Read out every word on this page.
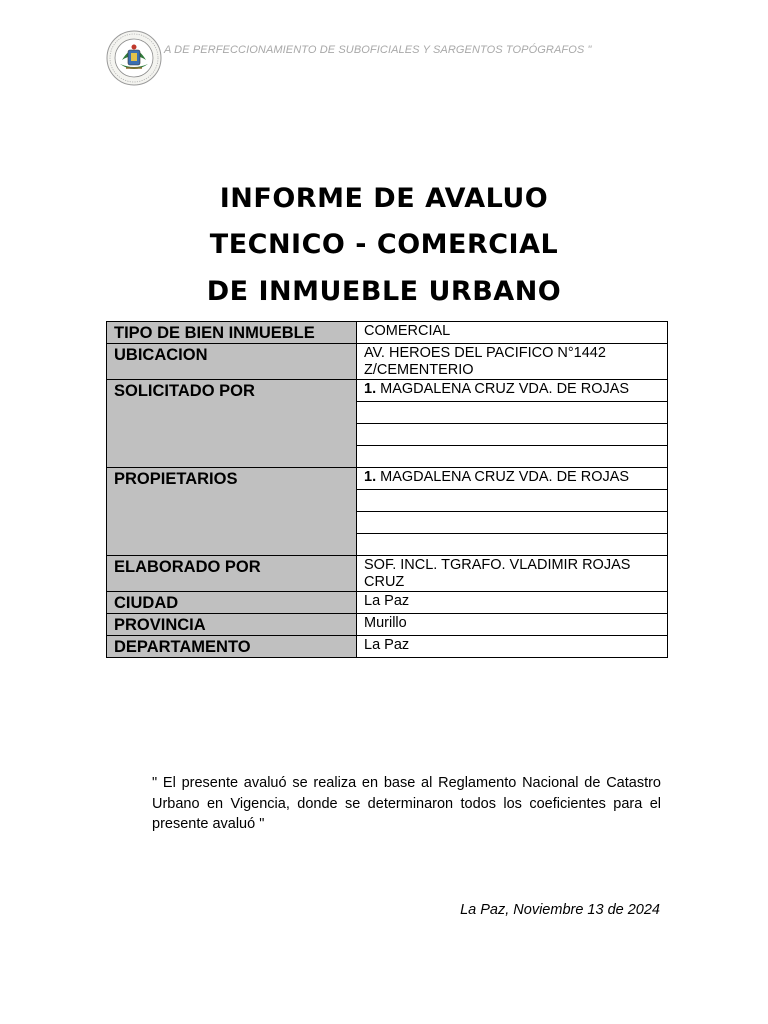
A DE PERFECCIONAMIENTO DE SUBOFICIALES Y SARGENTOS TOPÓGRAFOS "
INFORME DE AVALUO
TECNICO - COMERCIAL
DE INMUEBLE URBANO
TIPO DE BIEN INMUEBLE	COMERCIAL
UBICACION	AV. HEROES DEL PACIFICO N°1442
Z/CEMENTERIO

SOLICITADO POR	1. MAGDALENA CRUZ VDA. DE ROJAS

PROPIETARIOS	1. MAGDALENA CRUZ VDA. DE ROJAS

ELABORADO POR	SOF. INCL. TGRAFO. VLADIMIR ROJAS
CRUZ

CIUDAD	La Paz
PROVINCIA	Murillo
DEPARTAMENTO	La Paz
" El presente avaluó se realiza en base al Reglamento Nacional de Catastro Urbano en Vigencia, donde se determinaron todos los coeficientes para el presente avaluó "
La Paz, Noviembre 13 de 2024
